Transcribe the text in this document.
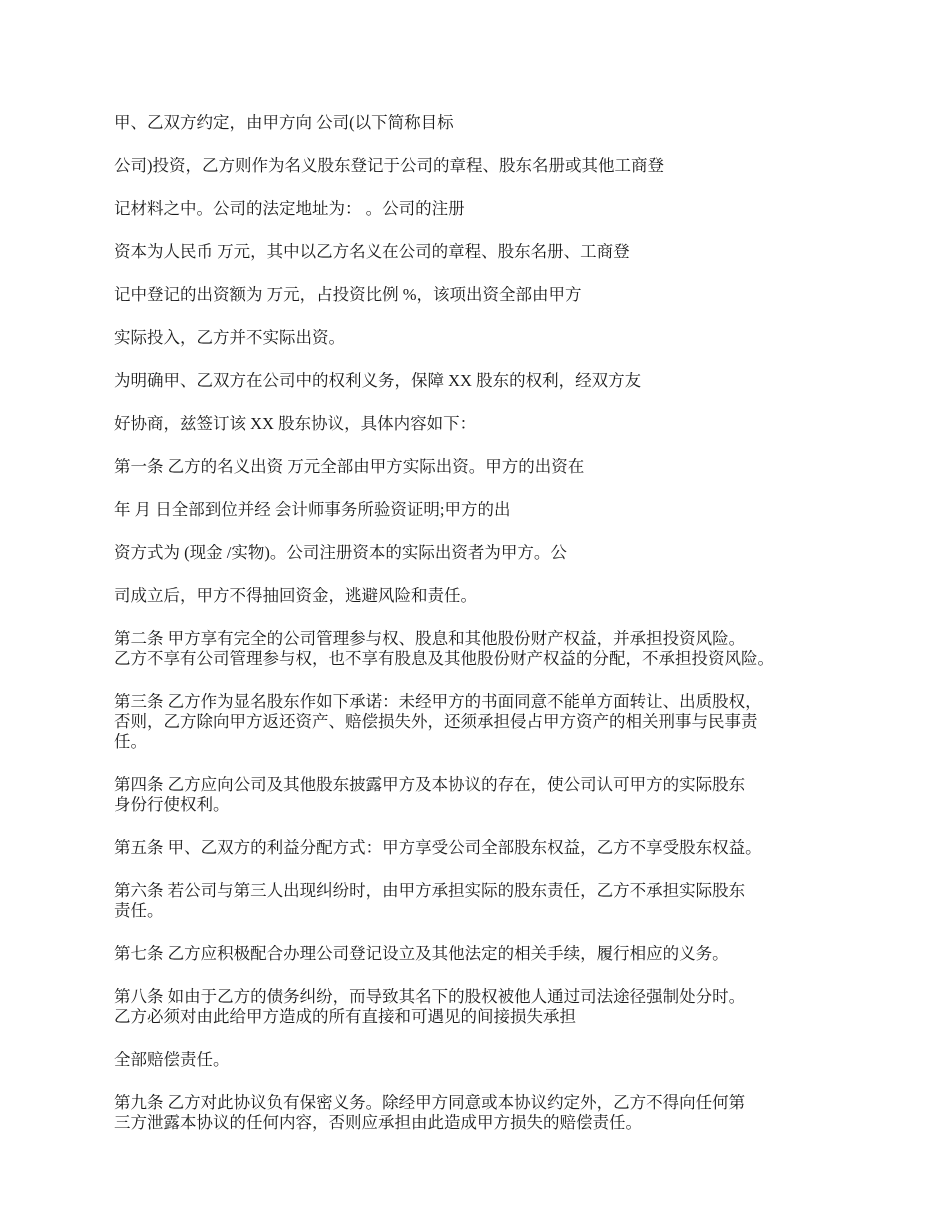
甲、乙双方约定，由甲方向 公司(以下简称目标

公司)投资，乙方则作为名义股东登记于公司的章程、股东名册或其他工商登

记材料之中。公司的法定地址为： 。公司的注册

资本为人民币 万元，其中以乙方名义在公司的章程、股东名册、工商登

记中登记的出资额为 万元，占投资比例 %，该项出资全部由甲方

实际投入，乙方并不实际出资。

为明确甲、乙双方在公司中的权利义务，保障 XX 股东的权利，经双方友

好协商，兹签订该 XX 股东协议，具体内容如下：

第一条 乙方的名义出资 万元全部由甲方实际出资。甲方的出资在

年 月 日全部到位并经 会计师事务所验资证明;甲方的出

资方式为 (现金 /实物)。公司注册资本的实际出资者为甲方。公

司成立后，甲方不得抽回资金，逃避风险和责任。

第二条 甲方享有完全的公司管理参与权、股息和其他股份财产权益，并承担投资风险。
乙方不享有公司管理参与权，也不享有股息及其他股份财产权益的分配，不承担投资风险。

第三条 乙方作为显名股东作如下承诺：未经甲方的书面同意不能单方面转让、出质股权，
否则，乙方除向甲方返还资产、赔偿损失外，还须承担侵占甲方资产的相关刑事与民事责
任。

第四条 乙方应向公司及其他股东披露甲方及本协议的存在，使公司认可甲方的实际股东
身份行使权利。

第五条 甲、乙双方的利益分配方式：甲方享受公司全部股东权益，乙方不享受股东权益。

第六条 若公司与第三人出现纠纷时，由甲方承担实际的股东责任，乙方不承担实际股东
责任。

第七条 乙方应积极配合办理公司登记设立及其他法定的相关手续，履行相应的义务。

第八条 如由于乙方的债务纠纷，而导致其名下的股权被他人通过司法途径强制处分时。
乙方必须对由此给甲方造成的所有直接和可遇见的间接损失承担

全部赔偿责任。

第九条 乙方对此协议负有保密义务。除经甲方同意或本协议约定外，乙方不得向任何第
三方泄露本协议的任何内容，否则应承担由此造成甲方损失的赔偿责任。
